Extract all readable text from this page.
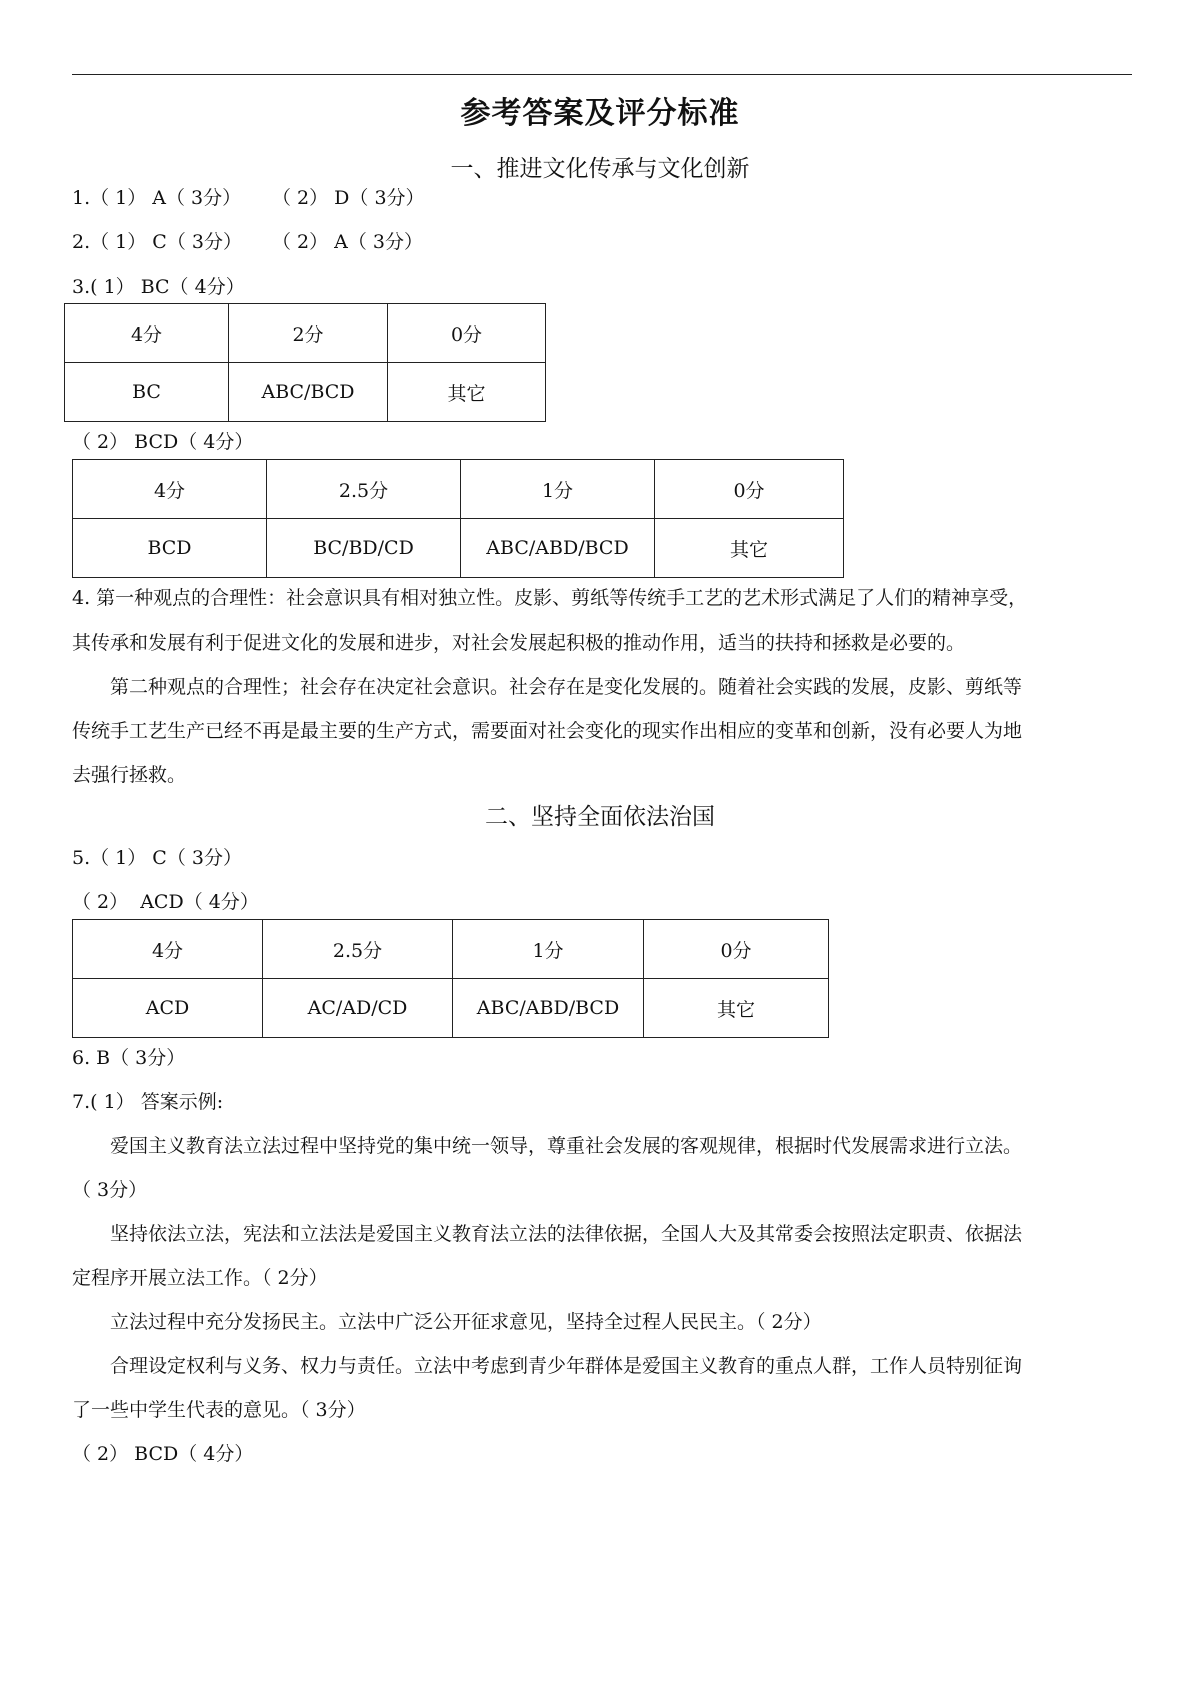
参考答案及评分标准
一、推进文化传承与文化创新
1.（ 1） A（ 3分） （ 2） D（ 3分）
2.（ 1） C（ 3分） （ 2） A（ 3分）
3.( 1） BC（ 4分）
4分	2分	0分
BC	ABC/BCD	其它
（ 2） BCD（ 4分）
4分	2.5分	1分	0分
BCD	BC/BD/CD	ABC/ABD/BCD	其它
4. 第一种观点的合理性：社会意识具有相对独立性。皮影、剪纸等传统手工艺的艺术形式满足了人们的精神享受，
其传承和发展有利于促进文化的发展和进步，对社会发展起积极的推动作用，适当的扶持和拯救是必要的。
第二种观点的合理性；社会存在决定社会意识。社会存在是变化发展的。随着社会实践的发展，皮影、剪纸等
传统手工艺生产已经不再是最主要的生产方式，需要面对社会变化的现实作出相应的变革和创新，没有必要人为地
去强行拯救。
二、坚持全面依法治国
5.（ 1） C（ 3分）
（ 2）  ACD（ 4分）
4分	2.5分	1分	0分
ACD	AC/AD/CD	ABC/ABD/BCD	其它
6. B（ 3分）
7.( 1） 答案示例:
爱国主义教育法立法过程中坚持党的集中统一领导，尊重社会发展的客观规律，根据时代发展需求进行立法。
（ 3分）
坚持依法立法，宪法和立法法是爱国主义教育法立法的法律依据，全国人大及其常委会按照法定职责、依据法
定程序开展立法工作。（ 2分）
立法过程中充分发扬民主。立法中广泛公开征求意见，坚持全过程人民民主。（ 2分）
合理设定权利与义务、权力与责任。立法中考虑到青少年群体是爱国主义教育的重点人群，工作人员特别征询
了一些中学生代表的意见。（ 3分）
（ 2） BCD（ 4分）
